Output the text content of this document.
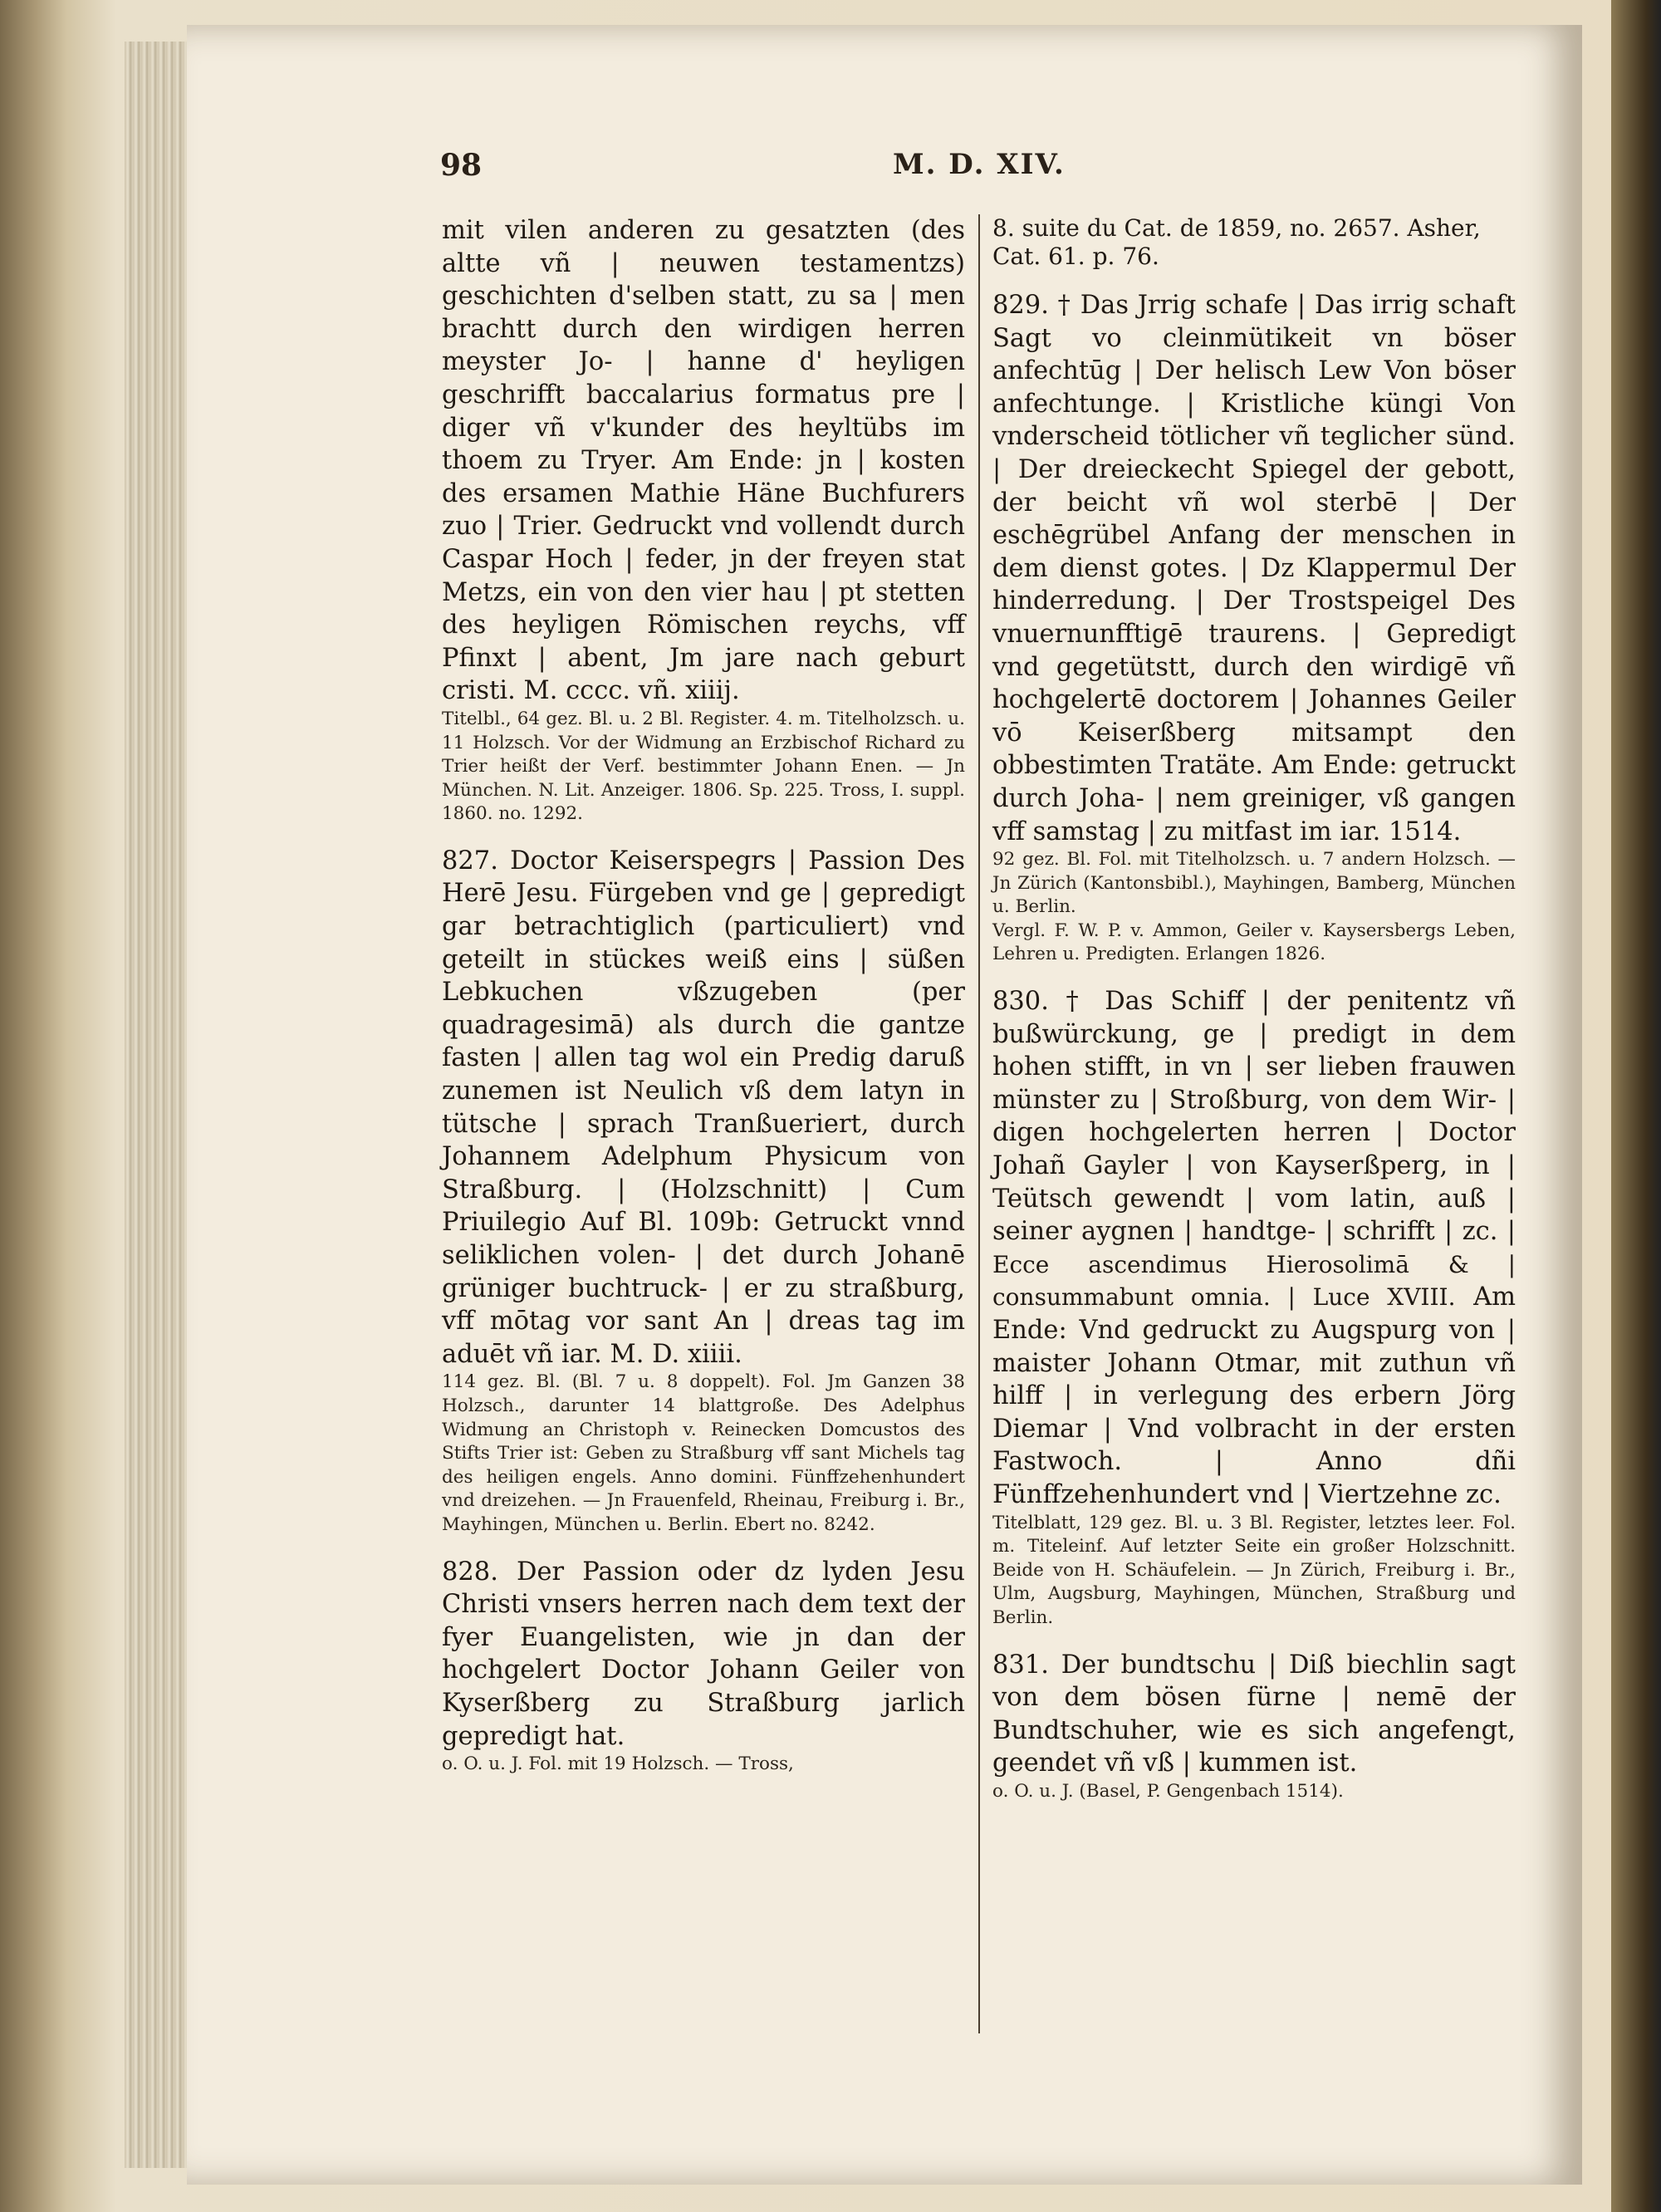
98	M. D. XIV.

mit vilen anderen zu gesatzten (des altte vñ | neuwen testamentzs) geschichten d'selben statt, zu sa | men brachtt durch den wirdigen herren meyster Jo- | hanne d' heyligen geschrifft baccalarius formatus pre | diger vñ v'kunder des heyltübs im thoem zu Tryer. Am Ende: jn | kosten des ersamen Mathie Häne Buchfurers zuo | Trier. Gedruckt vnd vollendt durch Caspar Hoch | feder, jn der freyen stat Metzs, ein von den vier hau | pt stetten des heyligen Römischen reychs, vff Pfinxt | abent, Jm jare nach geburt cristi. M. cccc. vñ. xiiij.

Titelbl., 64 gez. Bl. u. 2 Bl. Register. 4. m. Titelholzsch. u. 11 Holzsch. Vor der Widmung an Erzbischof Richard zu Trier heißt der Verf. bestimmter Johann Enen. — Jn München. N. Lit. Anzeiger. 1806. Sp. 225. Tross, I. suppl. 1860. no. 1292.

827. Doctor Keiserspegrs | Passion Des Herē Jesu. Fürgeben vnd ge | gepredigt gar betrachtiglich (particuliert) vnd geteilt in stückes weiß eins | süßen Lebkuchen vßzugeben (per quadragesimā) als durch die gantze fasten | allen tag wol ein Predig daruß zunemen ist Neulich vß dem latyn in tütsche | sprach Tranßueriert, durch Johannem Adelphum Physicum von Straßburg. | (Holzschnitt) | Cum Priuilegio Auf Bl. 109b: Getruckt vnnd seliklichen volen- | det durch Johanē grüniger buchtruck- | er zu straßburg, vff mōtag vor sant An | dreas tag im aduēt vñ iar. M. D. xiiii.

114 gez. Bl. (Bl. 7 u. 8 doppelt). Fol. Jm Ganzen 38 Holzsch., darunter 14 blattgroße. Des Adelphus Widmung an Christoph v. Reinecken Domcustos des Stifts Trier ist: Geben zu Straßburg vff sant Michels tag des heiligen engels. Anno domini. Fünffzehenhundert vnd dreizehen. — Jn Frauenfeld, Rheinau, Freiburg i. Br., Mayhingen, München u. Berlin. Ebert no. 8242.

828. Der Passion oder dz lyden Jesu Christi vnsers herren nach dem text der fyer Euangelisten, wie jn dan der hochgelert Doctor Johann Geiler von Kyserßberg zu Straßburg jarlich gepredigt hat.

o. O. u. J. Fol. mit 19 Holzsch. — Tross,

8. suite du Cat. de 1859, no. 2657. Asher, Cat. 61. p. 76.

829. † Das Jrrig schafe | Das irrig schaft Sagt vo cleinmütikeit vn böser anfechtūg | Der helisch Lew Von böser anfechtunge. | Kristliche küngi Von vnderscheid tötlicher vñ teglicher sünd. | Der dreieckecht Spiegel der gebott, der beicht vñ wol sterbē | Der eschēgrübel Anfang der menschen in dem dienst gotes. | Dz Klappermul Der hinderredung. | Der Trostspeigel Des vnuernunfftigē traurens. | Gepredigt vnd gegetütstt, durch den wirdigē vñ hochgelertē doctorem | Johannes Geiler vō Keiserßberg mitsampt den obbestimten Tratäte. Am Ende: getruckt durch Joha- | nem greiniger, vß gangen vff samstag | zu mitfast im iar. 1514.

92 gez. Bl. Fol. mit Titelholzsch. u. 7 andern Holzsch. — Jn Zürich (Kantonsbibl.), Mayhingen, Bamberg, München u. Berlin.

Vergl. F. W. P. v. Ammon, Geiler v. Kaysersbergs Leben, Lehren u. Predigten. Erlangen 1826.

830. † Das Schiff | der penitentz vñ bußwürckung, ge | predigt in dem hohen stifft, in vn | ser lieben frauwen münster zu | Stroßburg, von dem Wir- | digen hochgelerten herren | Doctor Johañ Gayler | von Kayserßperg, in | Teütsch gewendt | vom latin, auß | seiner aygnen | handtge- | schrifft | zc. | Ecce ascendimus Hierosolimā & | consummabunt omnia. | Luce XVIII. Am Ende: Vnd gedruckt zu Augspurg von | maister Johann Otmar, mit zuthun vñ hilff | in verlegung des erbern Jörg Diemar | Vnd volbracht in der ersten Fastwoch. | Anno dñi Fünffzehenhundert vnd | Viertzehne zc.

Titelblatt, 129 gez. Bl. u. 3 Bl. Register, letztes leer. Fol. m. Titeleinf. Auf letzter Seite ein großer Holzschnitt. Beide von H. Schäufelein. — Jn Zürich, Freiburg i. Br., Ulm, Augsburg, Mayhingen, München, Straßburg und Berlin.

831. Der bundtschu | Diß biechlin sagt von dem bösen fürne | nemē der Bundtschuher, wie es sich angefengt, geendet vñ vß | kummen ist.

o. O. u. J. (Basel, P. Gengenbach 1514).
